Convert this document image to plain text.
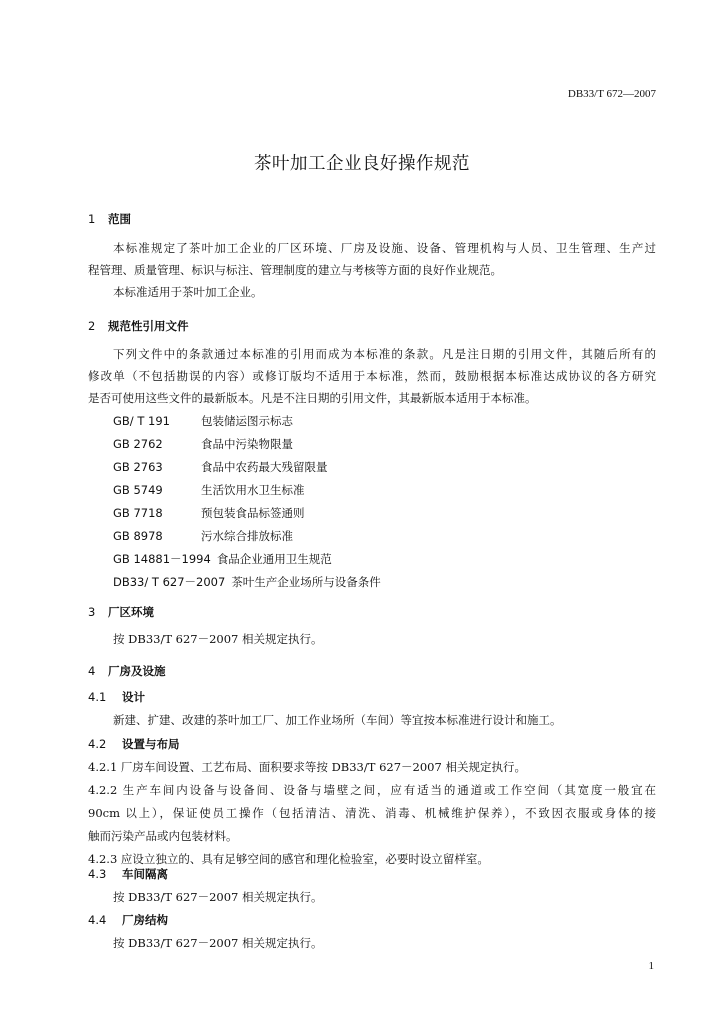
DB33/T 672—2007
茶叶加工企业良好操作规范
1 范围
本标准规定了茶叶加工企业的厂区环境、厂房及设施、设备、管理机构与人员、卫生管理、生产过
程管理、质量管理、标识与标注、管理制度的建立与考核等方面的良好作业规范。
本标准适用于茶叶加工企业。
2 规范性引用文件
下列文件中的条款通过本标准的引用而成为本标准的条款。凡是注日期的引用文件，其随后所有的
修改单（不包括勘误的内容）或修订版均不适用于本标准，然而，鼓励根据本标准达成协议的各方研究
是否可使用这些文件的最新版本。凡是不注日期的引用文件，其最新版本适用于本标准。
GB/ T 191	包装储运图示标志
GB 2762	食品中污染物限量
GB 2763	食品中农药最大残留限量
GB 5749	生活饮用水卫生标准
GB 7718	预包装食品标签通则
GB 8978	污水综合排放标准
GB 14881－1994 食品企业通用卫生规范
DB33/ T 627－2007 茶叶生产企业场所与设备条件
3 厂区环境
按 DB33/T 627－2007 相关规定执行。
4 厂房及设施
4.1 设计
新建、扩建、改建的茶叶加工厂、加工作业场所（车间）等宜按本标准进行设计和施工。
4.2 设置与布局
4.2.1 厂房车间设置、工艺布局、面积要求等按 DB33/T 627－2007 相关规定执行。
4.2.2 生产车间内设备与设备间、设备与墙壁之间，应有适当的通道或工作空间（其宽度一般宜在
90cm 以上），保证使员工操作（包括清洁、清洗、消毒、机械维护保养），不致因衣服或身体的接
触而污染产品或内包装材料。
4.2.3 应设立独立的、具有足够空间的感官和理化检验室，必要时设立留样室。
4.3 车间隔离
按 DB33/T 627－2007 相关规定执行。
4.4 厂房结构
按 DB33/T 627－2007 相关规定执行。
1
